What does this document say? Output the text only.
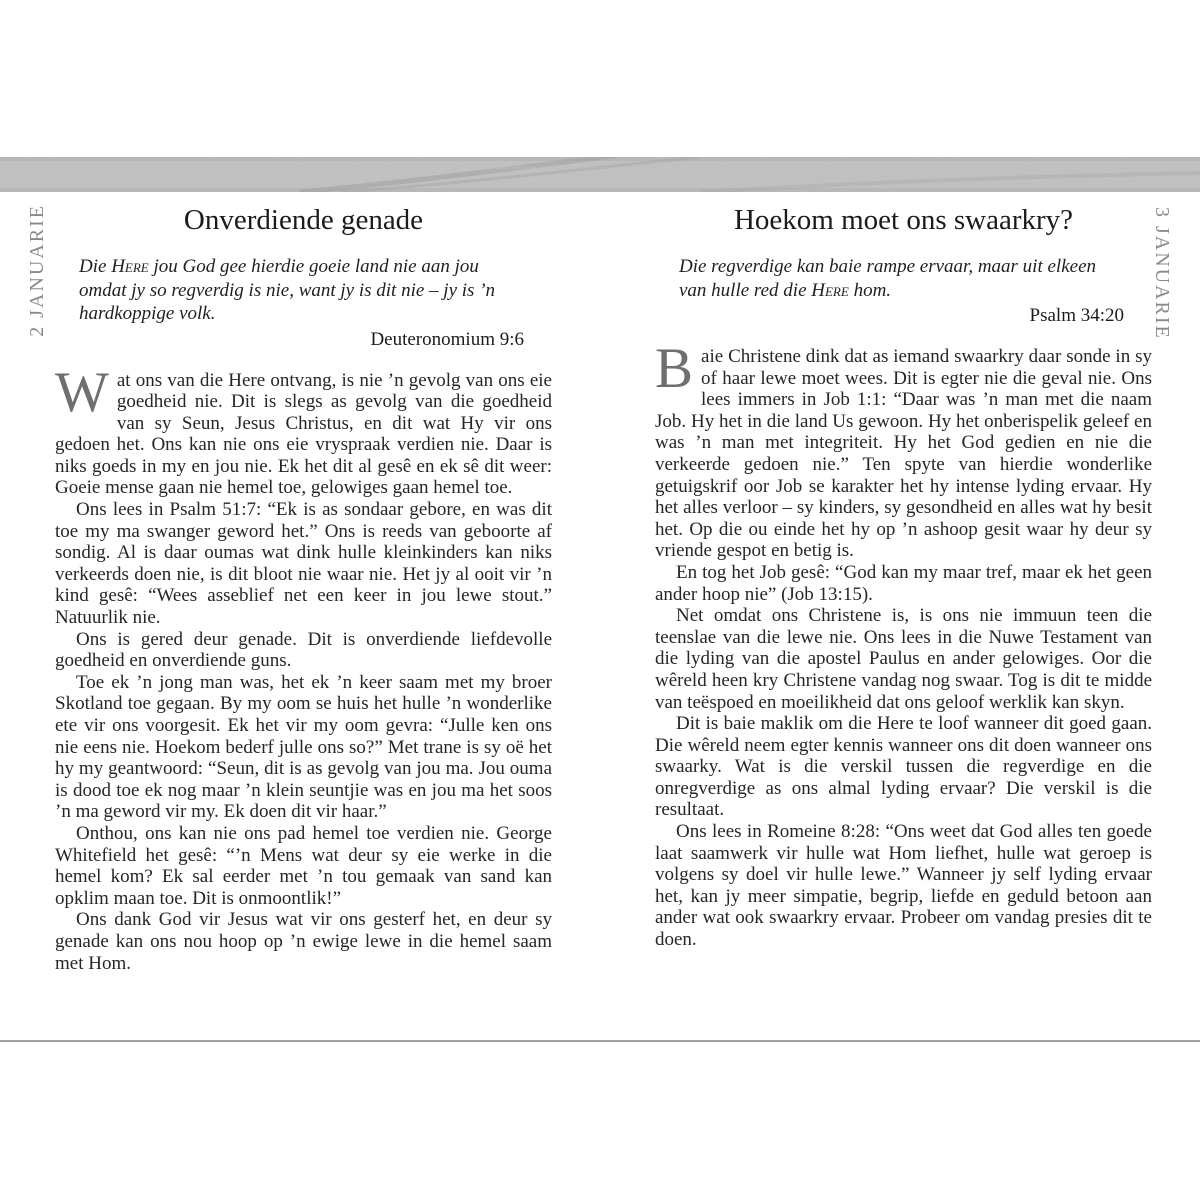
2 JANUARIE	3 JANUARIE
Onverdiende genade
Die Here jou God gee hierdie goeie land nie aan jou omdat jy so regverdig is nie, want jy is dit nie – jy is ’n hardkoppige volk.
Deuteronomium 9:6

Wat ons van die Here ontvang, is nie ’n gevolg van ons eie goedheid nie. Dit is slegs as gevolg van die goedheid van sy Seun, Jesus Christus, en dit wat Hy vir ons gedoen het. Ons kan nie ons eie vryspraak verdien nie. Daar is niks goeds in my en jou nie. Ek het dit al gesê en ek sê dit weer: Goeie mense gaan nie hemel toe, gelowiges gaan hemel toe.

Ons lees in Psalm 51:7: “Ek is as sondaar gebore, en was dit toe my ma swanger geword het.” Ons is reeds van geboorte af sondig. Al is daar oumas wat dink hulle kleinkinders kan niks verkeerds doen nie, is dit bloot nie waar nie. Het jy al ooit vir ’n kind gesê: “Wees asseblief net een keer in jou lewe stout.” Natuurlik nie.

Ons is gered deur genade. Dit is onverdiende liefdevolle goedheid en onverdiende guns.

Toe ek ’n jong man was, het ek ’n keer saam met my broer Skotland toe gegaan. By my oom se huis het hulle ’n wonderlike ete vir ons voorgesit. Ek het vir my oom gevra: “Julle ken ons nie eens nie. Hoekom bederf julle ons so?” Met trane is sy oë het hy my geantwoord: “Seun, dit is as gevolg van jou ma. Jou ouma is dood toe ek nog maar ’n klein seuntjie was en jou ma het soos ’n ma geword vir my. Ek doen dit vir haar.”

Onthou, ons kan nie ons pad hemel toe verdien nie. George Whitefield het gesê: “’n Mens wat deur sy eie werke in die hemel kom? Ek sal eerder met ’n tou gemaak van sand kan opklim maan toe. Dit is onmoontlik!”

Ons dank God vir Jesus wat vir ons gesterf het, en deur sy genade kan ons nou hoop op ’n ewige lewe in die hemel saam met Hom.

Hoekom moet ons swaarkry?
Die regverdige kan baie rampe ervaar, maar uit elkeen van hulle red die Here hom.
Psalm 34:20

Baie Christene dink dat as iemand swaarkry daar sonde in sy of haar lewe moet wees. Dit is egter nie die geval nie. Ons lees immers in Job 1:1: “Daar was ’n man met die naam Job. Hy het in die land Us gewoon. Hy het onberispelik geleef en was ’n man met integriteit. Hy het God gedien en nie die verkeerde gedoen nie.” Ten spyte van hierdie wonderlike getuigskrif oor Job se karakter het hy intense lyding ervaar. Hy het alles verloor – sy kinders, sy gesondheid en alles wat hy besit het. Op die ou einde het hy op ’n ashoop gesit waar hy deur sy vriende gespot en betig is.

En tog het Job gesê: “God kan my maar tref, maar ek het geen ander hoop nie” (Job 13:15).

Net omdat ons Christene is, is ons nie immuun teen die teenslae van die lewe nie. Ons lees in die Nuwe Testament van die lyding van die apostel Paulus en ander gelowiges. Oor die wêreld heen kry Christene vandag nog swaar. Tog is dit te midde van teëspoed en moeilikheid dat ons geloof werklik kan skyn.

Dit is baie maklik om die Here te loof wanneer dit goed gaan. Die wêreld neem egter kennis wanneer ons dit doen wanneer ons swaarky. Wat is die verskil tussen die regverdige en die onregverdige as ons almal lyding ervaar? Die verskil is die resultaat.

Ons lees in Romeine 8:28: “Ons weet dat God alles ten goede laat saamwerk vir hulle wat Hom liefhet, hulle wat geroep is volgens sy doel vir hulle lewe.” Wanneer jy self lyding ervaar het, kan jy meer simpatie, begrip, liefde en geduld betoon aan ander wat ook swaarkry ervaar. Probeer om vandag presies dit te doen.
